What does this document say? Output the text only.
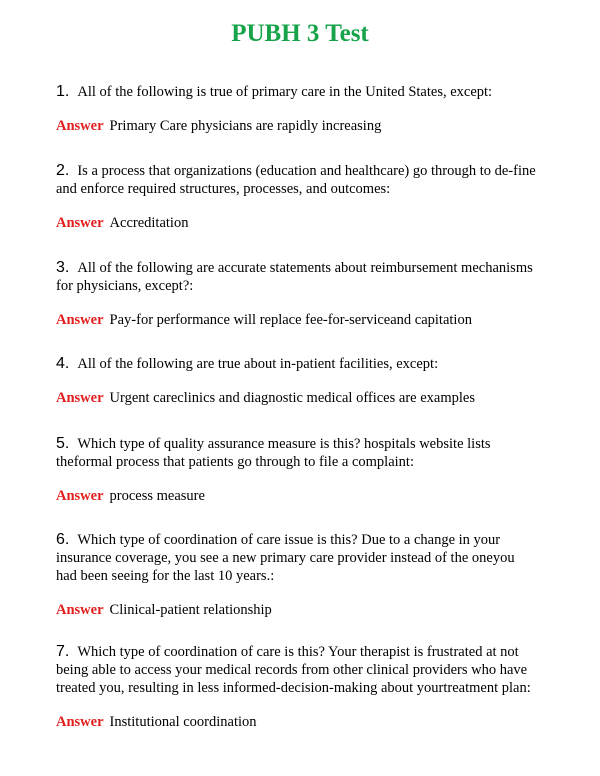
PUBH 3 Test

1. All of the following is true of primary care in the United States, except:

Answer Primary Care physicians are rapidly increasing

2. Is a process that organizations (education and healthcare) go through to de-fine and enforce required structures, processes, and outcomes:

Answer Accreditation

3. All of the following are accurate statements about reimbursement mechanisms for physicians, except?:

Answer Pay-for performance will replace fee-for-serviceand capitation

4. All of the following are true about in-patient facilities, except:

Answer Urgent careclinics and diagnostic medical offices are examples

5. Which type of quality assurance measure is this? hospitals website lists theformal process that patients go through to file a complaint:

Answer process measure

6. Which type of coordination of care issue is this? Due to a change in your insurance coverage, you see a new primary care provider instead of the oneyou had been seeing for the last 10 years.:

Answer Clinical-patient relationship

7. Which type of coordination of care is this? Your therapist is frustrated at not being able to access your medical records from other clinical providers who have treated you, resulting in less informed-decision-making about yourtreatment plan:

Answer Institutional coordination
